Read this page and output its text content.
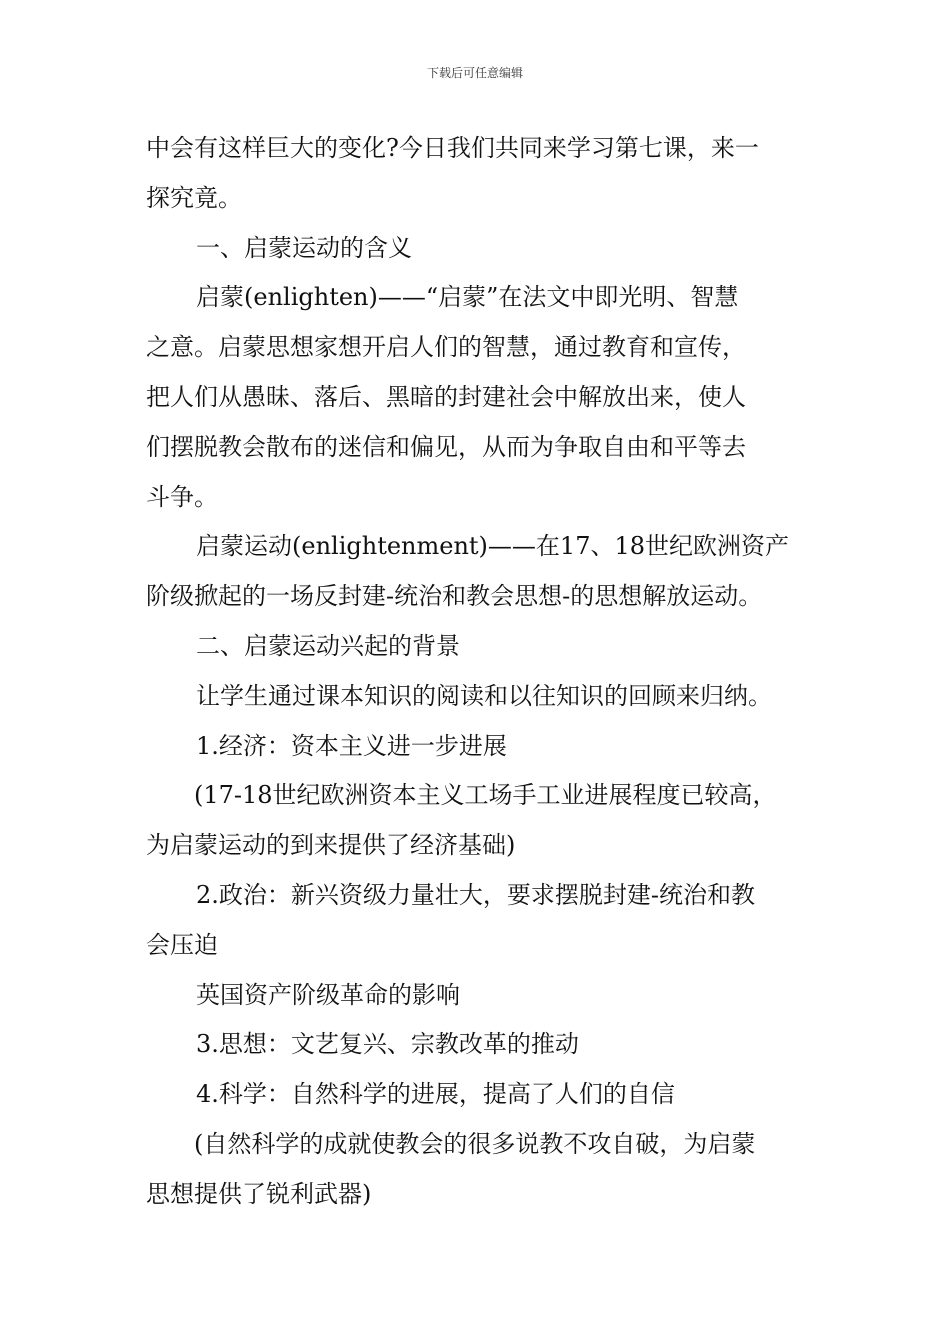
下载后可任意编辑
中会有这样巨大的变化?今日我们共同来学习第七课，来一
探究竟。
一、启蒙运动的含义
启蒙(enlighten)——“启蒙”在法文中即光明、智慧
之意。启蒙思想家想开启人们的智慧，通过教育和宣传，
把人们从愚昧、落后、黑暗的封建社会中解放出来，使人
们摆脱教会散布的迷信和偏见，从而为争取自由和平等去
斗争。
启蒙运动(enlightenment)——在17、18世纪欧洲资产
阶级掀起的一场反封建-统治和教会思想-的思想解放运动。
二、启蒙运动兴起的背景
让学生通过课本知识的阅读和以往知识的回顾来归纳。
1.经济：资本主义进一步进展
(17-18世纪欧洲资本主义工场手工业进展程度已较高，
为启蒙运动的到来提供了经济基础)
2.政治：新兴资级力量壮大，要求摆脱封建-统治和教
会压迫
英国资产阶级革命的影响
3.思想：文艺复兴、宗教改革的推动
4.科学：自然科学的进展，提高了人们的自信
(自然科学的成就使教会的很多说教不攻自破，为启蒙
思想提供了锐利武器)
